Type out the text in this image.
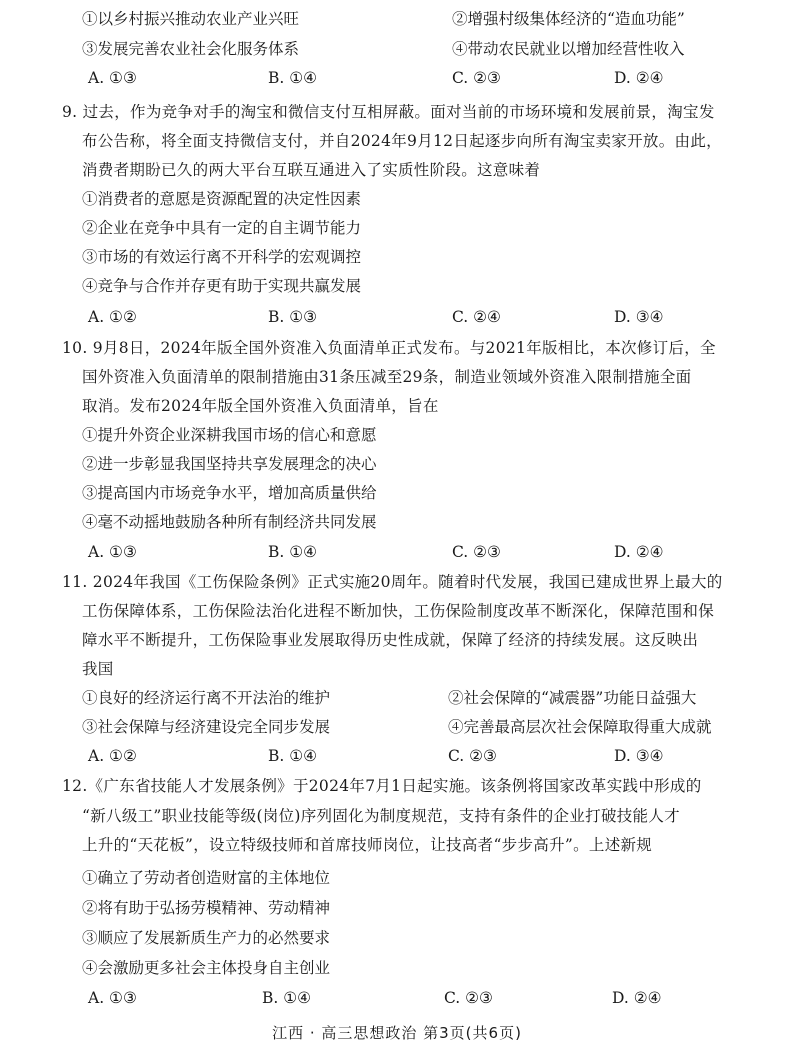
①以乡村振兴推动农业产业兴旺	②增强村级集体经济的“造血功能”
③发展完善农业社会化服务体系	④带动农民就业以增加经营性收入
A. ①③	B. ①④	C. ②③	D. ②④
9. 过去，作为竞争对手的淘宝和微信支付互相屏蔽。面对当前的市场环境和发展前景，淘宝发
布公告称，将全面支持微信支付，并自2024年9月12日起逐步向所有淘宝卖家开放。由此，
消费者期盼已久的两大平台互联互通进入了实质性阶段。这意味着
①消费者的意愿是资源配置的决定性因素
②企业在竞争中具有一定的自主调节能力
③市场的有效运行离不开科学的宏观调控
④竞争与合作并存更有助于实现共赢发展
A. ①②	B. ①③	C. ②④	D. ③④
10. 9月8日，2024年版全国外资准入负面清单正式发布。与2021年版相比，本次修订后，全
国外资准入负面清单的限制措施由31条压减至29条，制造业领域外资准入限制措施全面
取消。发布2024年版全国外资准入负面清单，旨在
①提升外资企业深耕我国市场的信心和意愿
②进一步彰显我国坚持共享发展理念的决心
③提高国内市场竞争水平，增加高质量供给
④毫不动摇地鼓励各种所有制经济共同发展
A. ①③	B. ①④	C. ②③	D. ②④
11. 2024年我国《工伤保险条例》正式实施20周年。随着时代发展，我国已建成世界上最大的
工伤保障体系，工伤保险法治化进程不断加快，工伤保险制度改革不断深化，保障范围和保
障水平不断提升，工伤保险事业发展取得历史性成就，保障了经济的持续发展。这反映出
我国
①良好的经济运行离不开法治的维护	②社会保障的“减震器”功能日益强大
③社会保障与经济建设完全同步发展	④完善最高层次社会保障取得重大成就
A. ①②	B. ①④	C. ②③	D. ③④
12.《广东省技能人才发展条例》于2024年7月1日起实施。该条例将国家改革实践中形成的
“新八级工”职业技能等级(岗位)序列固化为制度规范，支持有条件的企业打破技能人才
上升的“天花板”，设立特级技师和首席技师岗位，让技高者“步步高升”。上述新规
①确立了劳动者创造财富的主体地位
②将有助于弘扬劳模精神、劳动精神
③顺应了发展新质生产力的必然要求
④会激励更多社会主体投身自主创业
A. ①③	B. ①④	C. ②③	D. ②④
江西 · 高三思想政治 第3页(共6页)
